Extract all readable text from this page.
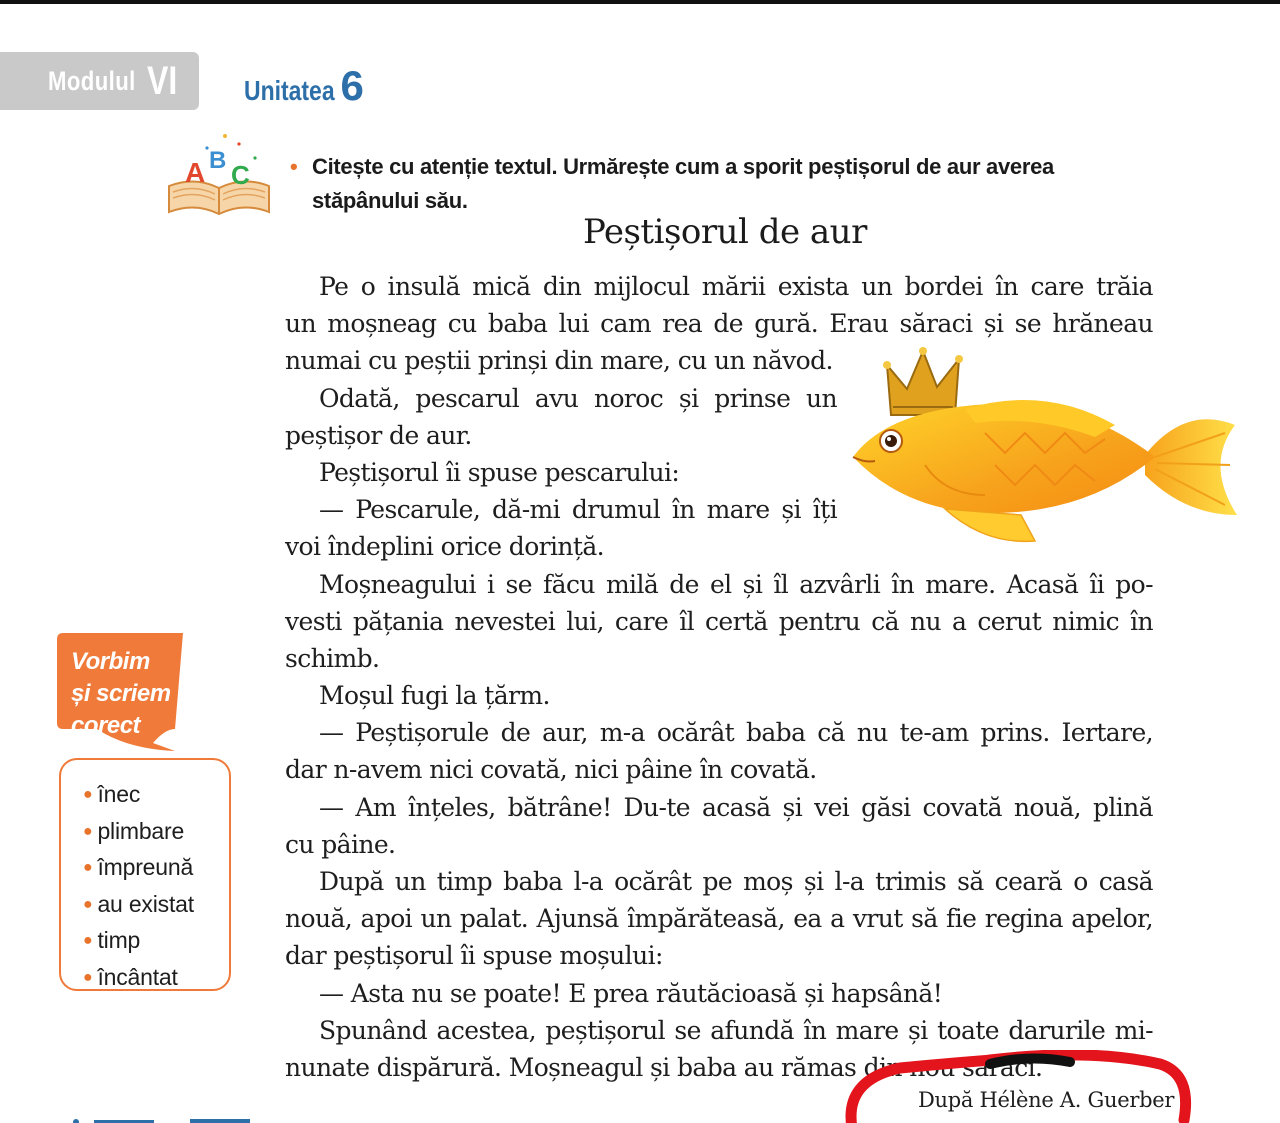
Modulul VI Unitatea 6
A B C • Citește cu atenție textul. Urmărește cum a sporit peștișorul de aur averea
stăpânului său.
Peștișorul de aur
Pe o insulă mică din mijlocul mării exista un bordei în care trăia
un moșneag cu baba lui cam rea de gură. Erau săraci și se hrăneau
numai cu peștii prinși din mare, cu un năvod.
Odată, pescarul avu noroc și prinse un
peștișor de aur.
Peștișorul îi spuse pescarului:
— Pescarule, dă-mi drumul în mare și îți
voi îndeplini orice dorință.
Moșneagului i se făcu milă de el și îl azvârli în mare. Acasă îi po-
vesti pățania nevestei lui, care îl certă pentru că nu a cerut nimic în
schimb.
Moșul fugi la țărm.
— Peștișorule de aur, m-a ocărât baba că nu te-am prins. Iertare,
dar n-avem nici covată, nici pâine în covată.
— Am înțeles, bătrâne! Du-te acasă și vei găsi covată nouă, plină
cu pâine.
După un timp baba l-a ocărât pe moș și l-a trimis să ceară o casă
nouă, apoi un palat. Ajunsă împărăteasă, ea a vrut să fie regina apelor,
dar peștișorul îi spuse moșului:
— Asta nu se poate! E prea răutăcioasă și hapsână!
Spunând acestea, peștișorul se afundă în mare și toate darurile mi-
nunate dispărură. Moșneagul și baba au rămas din nou săraci.
Vorbim
și scriem
corect
● înec
● plimbare
● împreună
● au existat
● timp
● încântat
După Hélène A. Guerber
